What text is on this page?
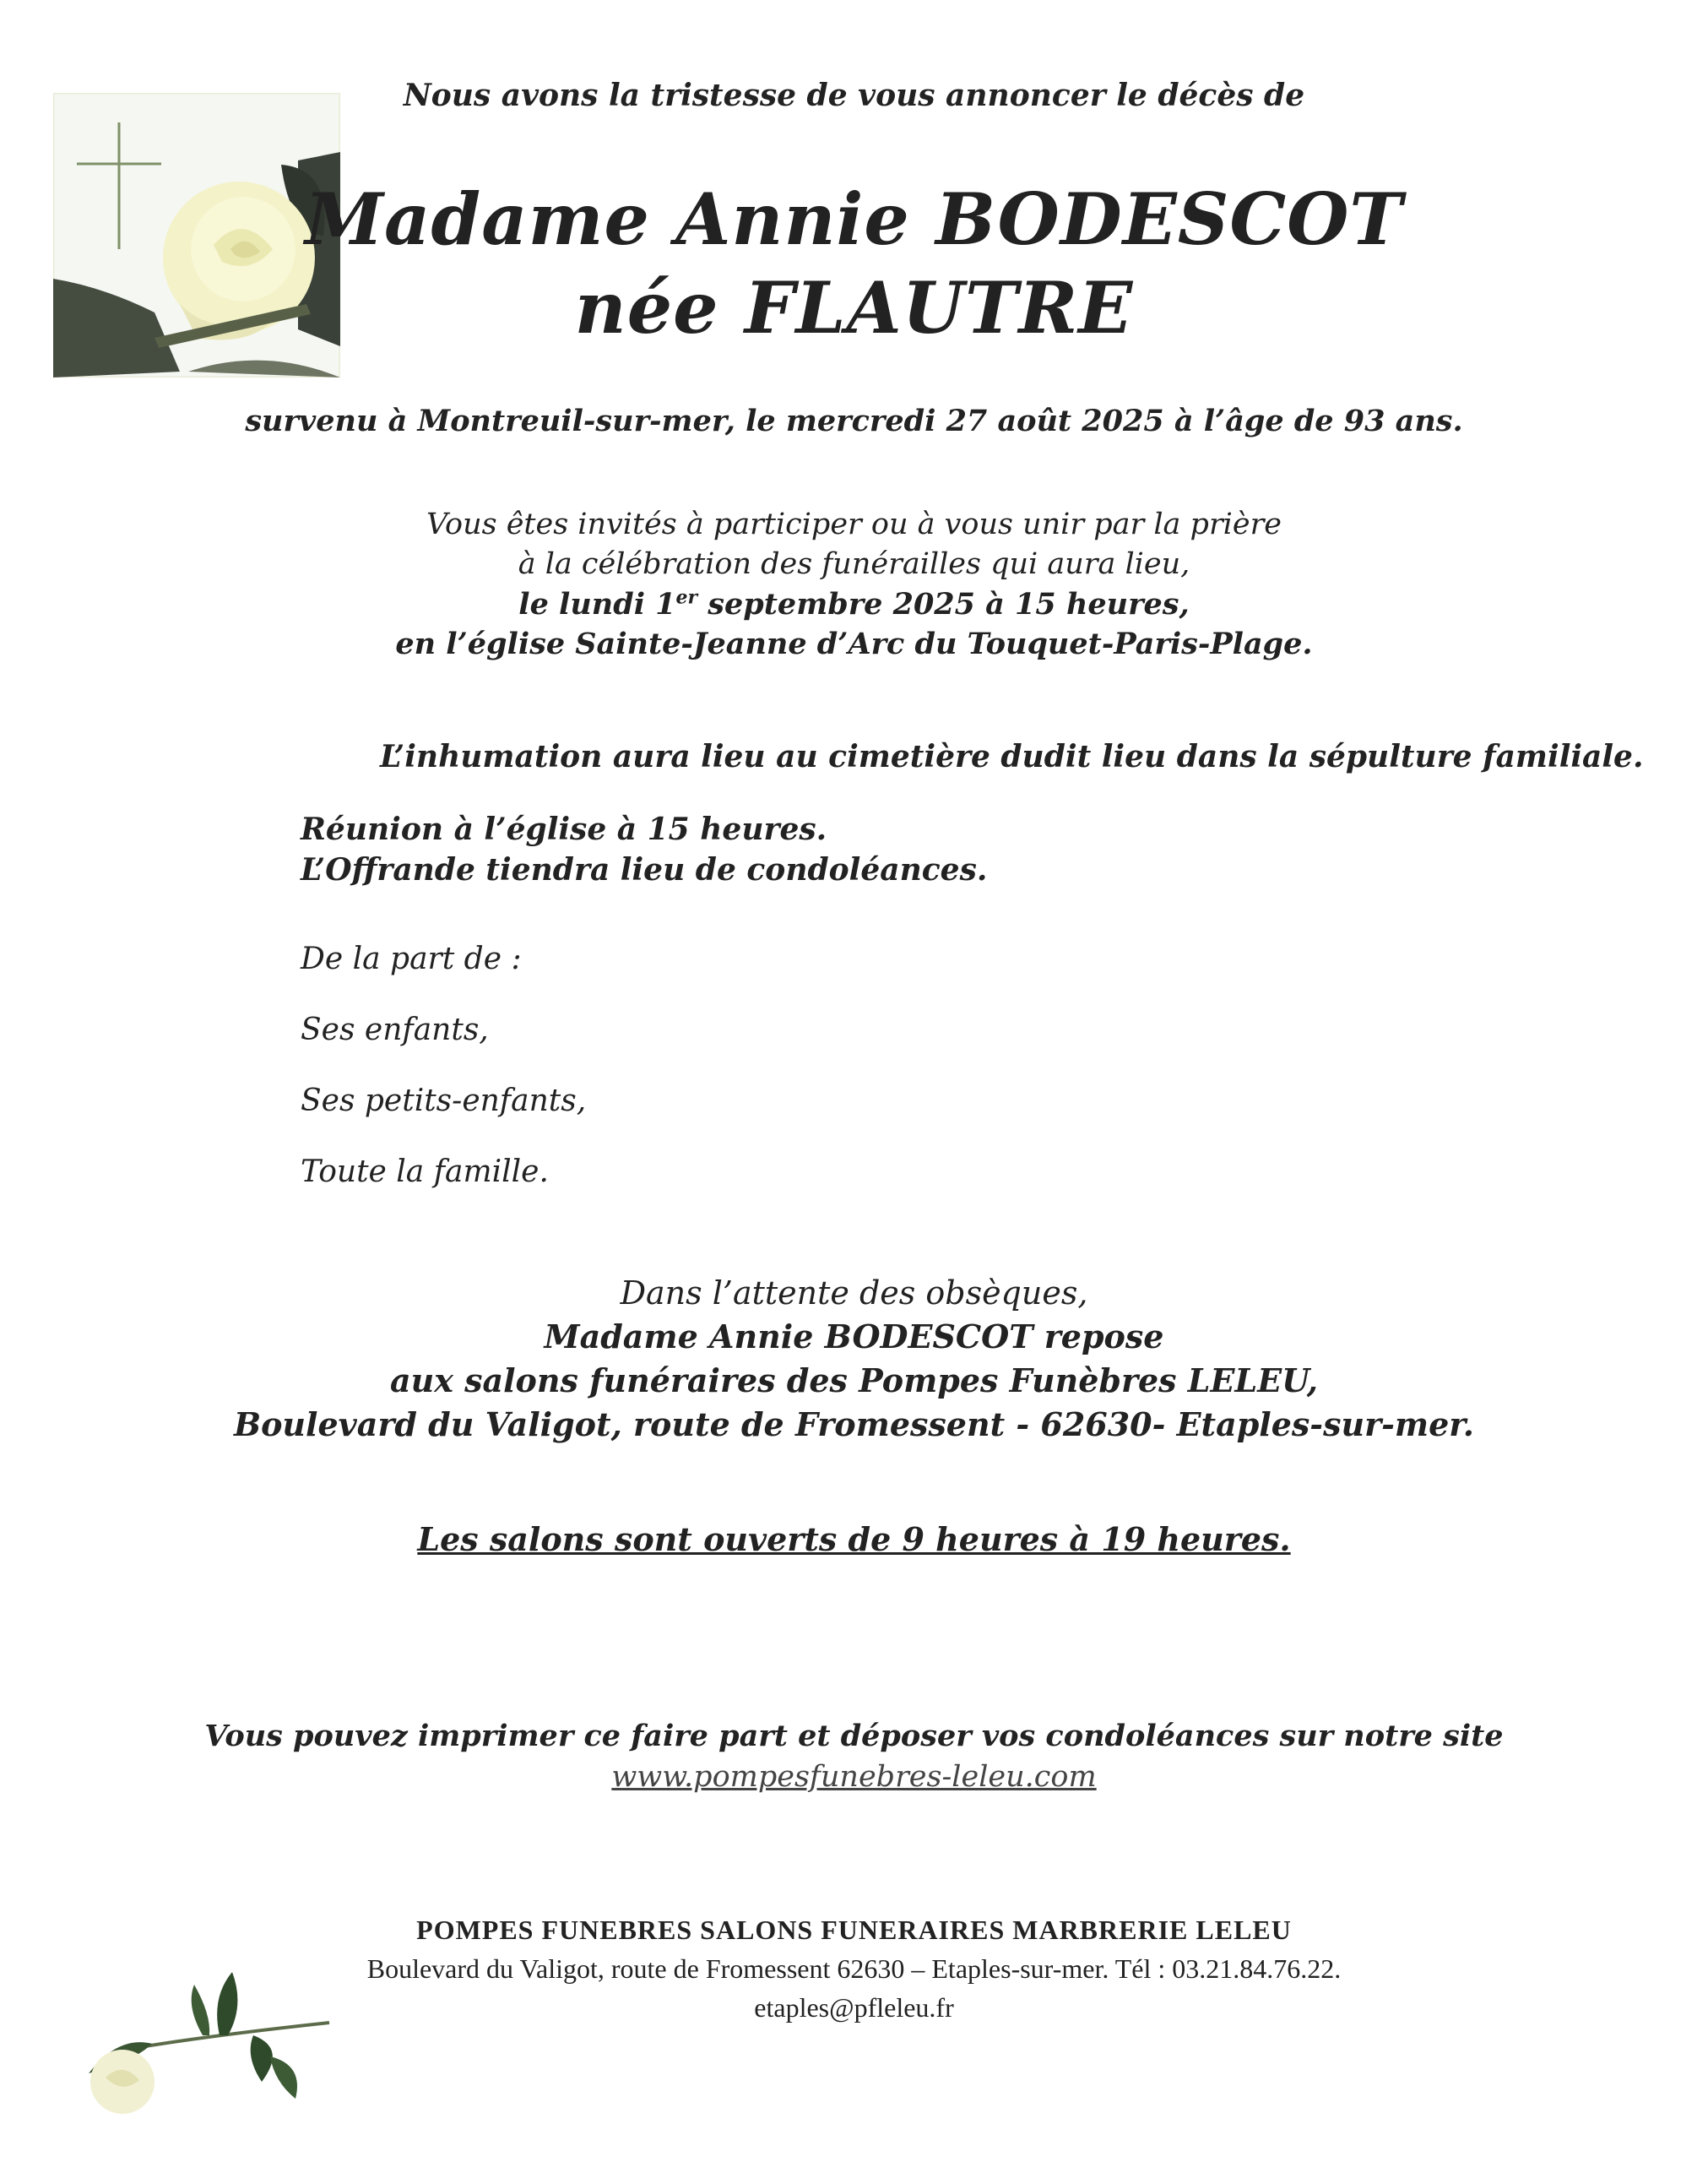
Nous avons la tristesse de vous annoncer le décès de
Madame Annie BODESCOT
née FLAUTRE
survenu à Montreuil-sur-mer, le mercredi 27 août 2025 à l’âge de 93 ans.
Vous êtes invités à participer ou à vous unir par la prière
à la célébration des funérailles qui aura lieu,
le lundi 1er septembre 2025 à 15 heures,
en l’église Sainte-Jeanne d’Arc du Touquet-Paris-Plage.
L’inhumation aura lieu au cimetière dudit lieu dans la sépulture familiale.
Réunion à l’église à 15 heures.
L’Offrande tiendra lieu de condoléances.
De la part de :
Ses enfants,
Ses petits-enfants,
Toute la famille.
Dans l’attente des obsèques,
Madame Annie BODESCOT repose
aux salons funéraires des Pompes Funèbres LELEU,
Boulevard du Valigot, route de Fromessent - 62630- Etaples-sur-mer.
Les salons sont ouverts de 9 heures à 19 heures.
Vous pouvez imprimer ce faire part et déposer vos condoléances sur notre site
www.pompesfunebres-leleu.com
POMPES FUNEBRES SALONS FUNERAIRES MARBRERIE LELEU
Boulevard du Valigot, route de Fromessent 62630 – Etaples-sur-mer. Tél : 03.21.84.76.22.
etaples@pfleleu.fr
